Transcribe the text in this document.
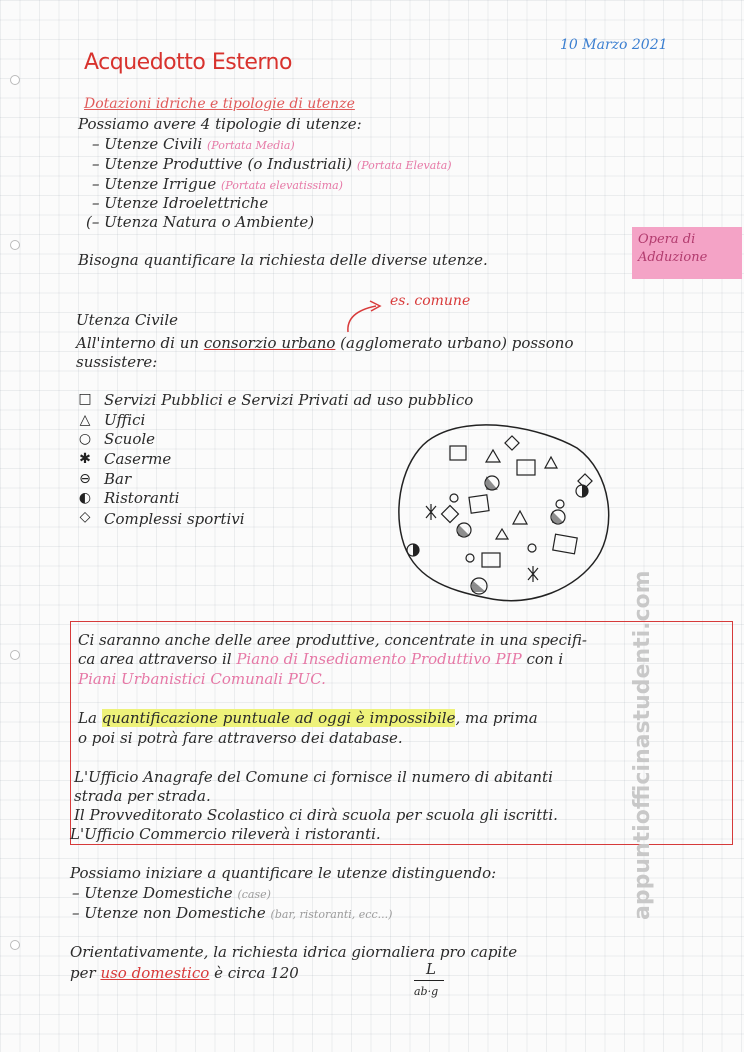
Acquedotto Esterno
10 Marzo 2021
Dotazioni idriche e tipologie di utenze
Possiamo avere 4 tipologie di utenze:
– Utenze Civili (Portata Media)
– Utenze Produttive (o Industriali) (Portata Elevata)
– Utenze Irrigue (Portata elevatissima)
– Utenze Idroelettriche
(– Utenza Natura o Ambiente)
Bisogna quantificare la richiesta delle diverse utenze.
Opera di Adduzione
Utenza Civile
es. comune
All'interno di un consorzio urbano (agglomerato urbano) possono
sussistere:
□ Servizi Pubblici e Servizi Privati ad uso pubblico
△ Uffici
○ Scuole
✱ Caserme
⊖ Bar
◐ Ristoranti
◇ Complessi sportivi
Ci saranno anche delle aree produttive, concentrate in una specifi-
ca area attraverso il Piano di Insediamento Produttivo PIP con i
Piani Urbanistici Comunali PUC.
La quantificazione puntuale ad oggi è impossibile, ma prima
o poi si potrà fare attraverso dei database.
L'Ufficio Anagrafe del Comune ci fornisce il numero di abitanti
strada per strada.
Il Provveditorato Scolastico ci dirà scuola per scuola gli iscritti.
L'Ufficio Commercio rileverà i ristoranti.
Possiamo iniziare a quantificare le utenze distinguendo:
– Utenze Domestiche (case)
– Utenze non Domestiche (bar, ristoranti, ecc...)
Orientativamente, la richiesta idrica giornaliera pro capite
per uso domestico è circa 120	L
ab·g
appuntiofficinastudenti.com
